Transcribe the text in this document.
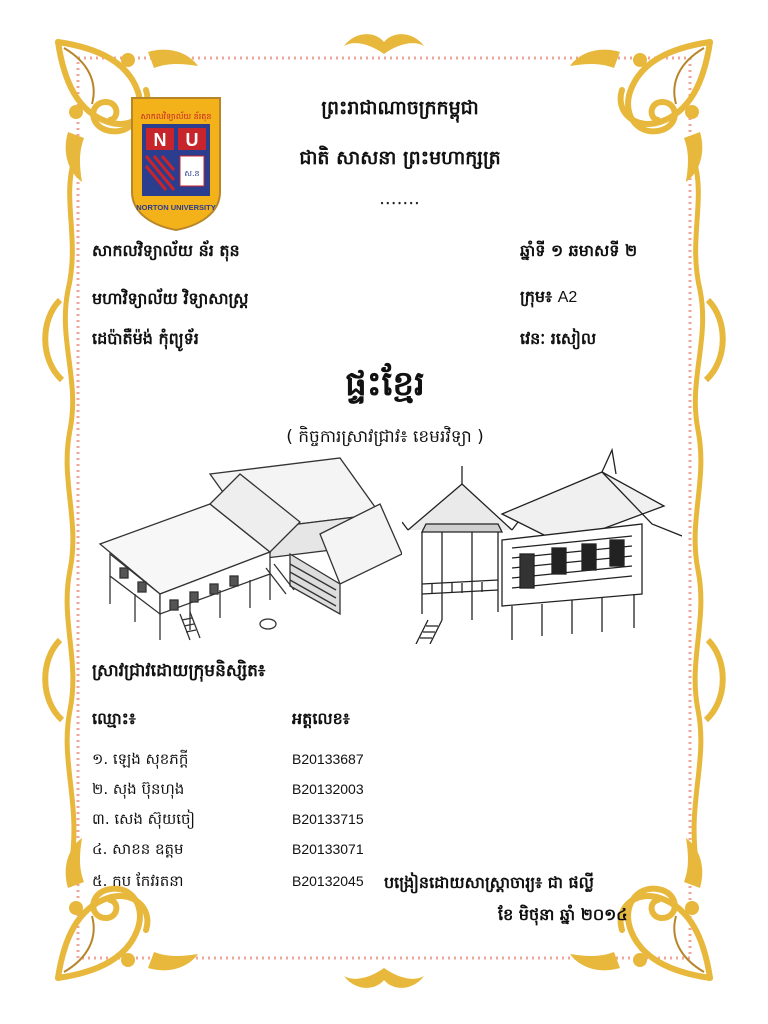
សាកលវិទ្យាល័យ ន័រតុន
N U
ស.ន
NORTON UNIVERSITY
ព្រះរាជាណាចក្រកម្ពុជា
ជាតិ សាសនា ព្រះមហាក្សត្រ
ᱹᱹᱹᱹᱹᱹᱹ
សាកលវិទ្យាល័យ ន័រ តុន
មហាវិទ្យាល័យ វិទ្យាសាស្ត្រ
ដេប៉ាតឺម៉ង់ កុំព្យូទ័រ
ឆ្នាំទី ១ ឆមាសទី ២
ក្រុម៖ A2
វេនៈ រសៀល
ផ្ទះខ្មែរ
( កិច្ចការស្រាវជ្រាវ៖ ខេមរវិទ្យា )
ស្រាវជ្រាវដោយក្រុមនិស្សិត៖
ឈ្មោះ៖	អត្តលេខ៖
១. ឡេង សុខភក្តី	B20133687
២. សុង ប៊ុនហុង	B20132003
៣. សេង ស៊ុយចៀ	B20133715
៤. សាខន ឧត្តម	B20133071
៥. កប កែវរតនា	B20132045 បង្រៀនដោយសាស្ត្រាចារ្យ៖ ជា ផល្លី
ខែ មិថុនា ឆ្នាំ ២០១៤
